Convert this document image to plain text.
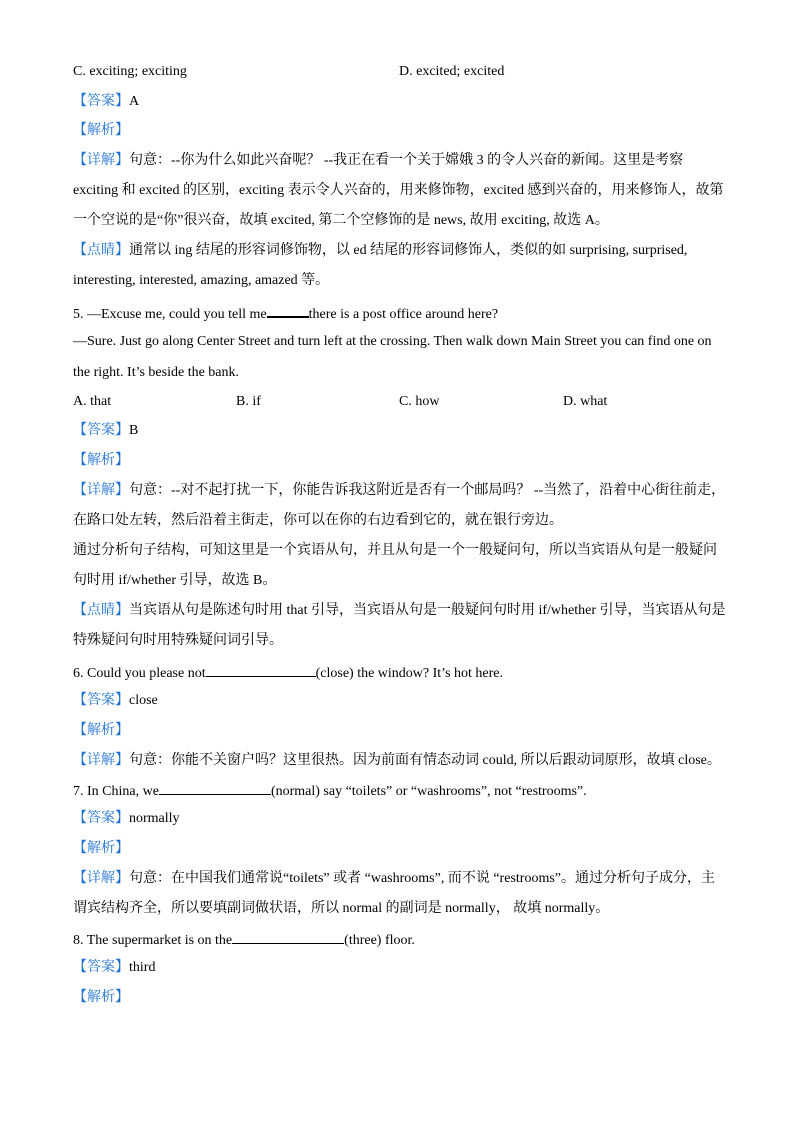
C. exciting; exciting	D. excited; excited
【答案】A
【解析】
【详解】句意：--你为什么如此兴奋呢？ --我正在看一个关于嫦娥 3 的令人兴奋的新闻。这里是考察
exciting 和 excited 的区别，exciting 表示令人兴奋的，用来修饰物，excited 感到兴奋的，用来修饰人，故第
一个空说的是“你”很兴奋，故填 excited, 第二个空修饰的是 news, 故用 exciting, 故选 A。
【点睛】通常以 ing 结尾的形容词修饰物，以 ed 结尾的形容词修饰人，类似的如 surprising, surprised,
interesting, interested, amazing, amazed 等。
5. —Excuse me, could you tell me	there is a post office around here?
—Sure. Just go along Center Street and turn left at the crossing. Then walk down Main Street you can find one on
the right. It’s beside the bank.
A. that	B. if	C. how	D. what
【答案】B
【解析】
【详解】句意：--对不起打扰一下，你能告诉我这附近是否有一个邮局吗？ --当然了，沿着中心街往前走，
在路口处左转，然后沿着主街走，你可以在你的右边看到它的，就在银行旁边。
通过分析句子结构，可知这里是一个宾语从句，并且从句是一个一般疑问句，所以当宾语从句是一般疑问
句时用 if/whether 引导，故选 B。
【点睛】当宾语从句是陈述句时用 that 引导，当宾语从句是一般疑问句时用 if/whether 引导，当宾语从句是
特殊疑问句时用特殊疑问词引导。
6. Could you please not	(close) the window? It’s hot here.
【答案】close
【解析】
【详解】句意：你能不关窗户吗？这里很热。因为前面有情态动词 could, 所以后跟动词原形，故填 close。
7. In China, we	(normal) say “toilets” or “washrooms”, not “restrooms”.
【答案】normally
【解析】
【详解】句意：在中国我们通常说“toilets” 或者 “washrooms”, 而不说 “restrooms”。通过分析句子成分，主
谓宾结构齐全，所以要填副词做状语，所以 normal 的副词是 normally， 故填 normally。
8. The supermarket is on the	(three) floor.
【答案】third
【解析】
